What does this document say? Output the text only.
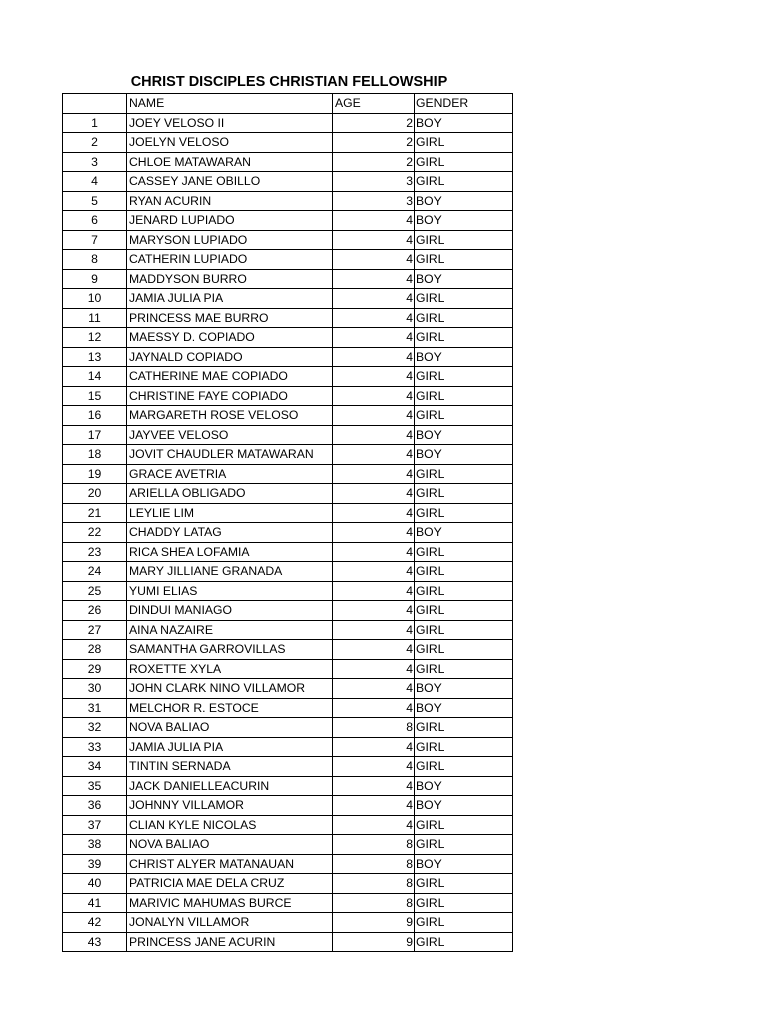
CHRIST DISCIPLES CHRISTIAN FELLOWSHIP
	NAME	AGE	GENDER
1	JOEY VELOSO II	2	BOY
2	JOELYN VELOSO	2	GIRL
3	CHLOE MATAWARAN	2	GIRL
4	CASSEY JANE OBILLO	3	GIRL
5	RYAN ACURIN	3	BOY
6	JENARD LUPIADO	4	BOY
7	MARYSON LUPIADO	4	GIRL
8	CATHERIN LUPIADO	4	GIRL
9	MADDYSON BURRO	4	BOY
10	JAMIA JULIA PIA	4	GIRL
11	PRINCESS MAE BURRO	4	GIRL
12	MAESSY D. COPIADO	4	GIRL
13	JAYNALD COPIADO	4	BOY
14	CATHERINE MAE COPIADO	4	GIRL
15	CHRISTINE FAYE COPIADO	4	GIRL
16	MARGARETH ROSE VELOSO	4	GIRL
17	JAYVEE VELOSO	4	BOY
18	JOVIT CHAUDLER MATAWARAN	4	BOY
19	GRACE AVETRIA	4	GIRL
20	ARIELLA OBLIGADO	4	GIRL
21	LEYLIE LIM	4	GIRL
22	CHADDY LATAG	4	BOY
23	RICA SHEA LOFAMIA	4	GIRL
24	MARY JILLIANE GRANADA	4	GIRL
25	YUMI ELIAS	4	GIRL
26	DINDUI MANIAGO	4	GIRL
27	AINA NAZAIRE	4	GIRL
28	SAMANTHA GARROVILLAS	4	GIRL
29	ROXETTE XYLA	4	GIRL
30	JOHN CLARK NINO VILLAMOR	4	BOY
31	MELCHOR R. ESTOCE	4	BOY
32	NOVA BALIAO	8	GIRL
33	JAMIA JULIA PIA	4	GIRL
34	TINTIN SERNADA	4	GIRL
35	JACK DANIELLEACURIN	4	BOY
36	JOHNNY VILLAMOR	4	BOY
37	CLIAN KYLE NICOLAS	4	GIRL
38	NOVA BALIAO	8	GIRL
39	CHRIST ALYER MATANAUAN	8	BOY
40	PATRICIA MAE DELA CRUZ	8	GIRL
41	MARIVIC MAHUMAS BURCE	8	GIRL
42	JONALYN VILLAMOR	9	GIRL
43	PRINCESS JANE ACURIN	9	GIRL
